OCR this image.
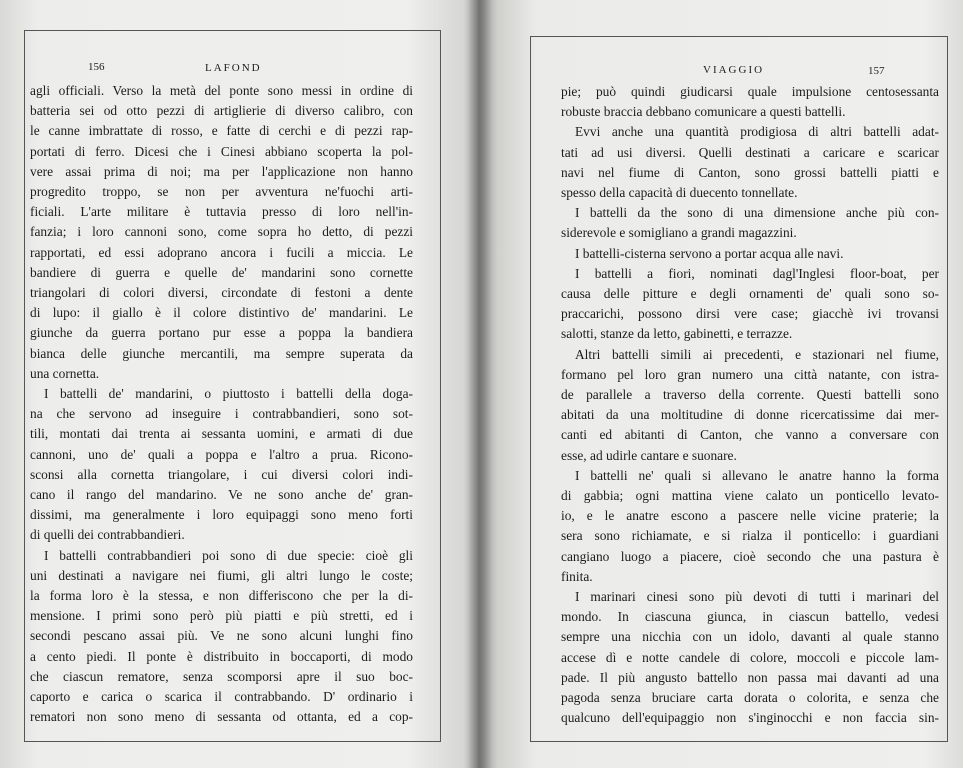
156	LAFOND
agli officiali. Verso la metà del ponte sono messi in ordine di
batteria sei od otto pezzi di artiglierie di diverso calibro, con
le canne imbrattate di rosso, e fatte di cerchi e di pezzi rap-
portati di ferro. Dicesi che i Cinesi abbiano scoperta la pol-
vere assai prima di noi; ma per l'applicazione non hanno
progredito troppo, se non per avventura ne'fuochi arti-
ficiali. L'arte militare è tuttavia presso di loro nell'in-
fanzia; i loro cannoni sono, come sopra ho detto, di pezzi
rapportati, ed essi adoprano ancora i fucili a miccia. Le
bandiere di guerra e quelle de' mandarini sono cornette
triangolari di colori diversi, circondate di festoni a dente
di lupo: il giallo è il colore distintivo de' mandarini. Le
giunche da guerra portano pur esse a poppa la bandiera
bianca delle giunche mercantili, ma sempre superata da
una cornetta.
I battelli de' mandarini, o piuttosto i battelli della doga-
na che servono ad inseguire i contrabbandieri, sono sot-
tili, montati dai trenta ai sessanta uomini, e armati di due
cannoni, uno de' quali a poppa e l'altro a prua. Ricono-
sconsi alla cornetta triangolare, i cui diversi colori indi-
cano il rango del mandarino. Ve ne sono anche de' gran-
dissimi, ma generalmente i loro equipaggi sono meno forti
di quelli dei contrabbandieri.
I battelli contrabbandieri poi sono di due specie: cioè gli
uni destinati a navigare nei fiumi, gli altri lungo le coste;
la forma loro è la stessa, e non differiscono che per la di-
mensione. I primi sono però più piatti e più stretti, ed i
secondi pescano assai più. Ve ne sono alcuni lunghi fino
a cento piedi. Il ponte è distribuito in boccaporti, di modo
che ciascun rematore, senza scomporsi apre il suo boc-
caporto e carica o scarica il contrabbando. D' ordinario i
rematori non sono meno di sessanta od ottanta, ed a cop-
VIAGGIO	157
pie; può quindi giudicarsi quale impulsione centosessanta
robuste braccia debbano comunicare a questi battelli.
Evvi anche una quantità prodigiosa di altri battelli adat-
tati ad usi diversi. Quelli destinati a caricare e scaricar
navi nel fiume di Canton, sono grossi battelli piatti e
spesso della capacità di duecento tonnellate.
I battelli da the sono di una dimensione anche più con-
siderevole e somigliano a grandi magazzini.
I battelli-cisterna servono a portar acqua alle navi.
I battelli a fiori, nominati dagl'Inglesi floor-boat, per
causa delle pitture e degli ornamenti de' quali sono so-
praccarichi, possono dirsi vere case; giacchè ivi trovansi
salotti, stanze da letto, gabinetti, e terrazze.
Altri battelli simili ai precedenti, e stazionari nel fiume,
formano pel loro gran numero una città natante, con istra-
de parallele a traverso della corrente. Questi battelli sono
abitati da una moltitudine di donne ricercatissime dai mer-
canti ed abitanti di Canton, che vanno a conversare con
esse, ad udirle cantare e suonare.
I battelli ne' quali si allevano le anatre hanno la forma
di gabbia; ogni mattina viene calato un ponticello levato-
io, e le anatre escono a pascere nelle vicine praterie; la
sera sono richiamate, e si rialza il ponticello: i guardiani
cangiano luogo a piacere, cioè secondo che una pastura è
finita.
I marinari cinesi sono più devoti di tutti i marinari del
mondo. In ciascuna giunca, in ciascun battello, vedesi
sempre una nicchia con un idolo, davanti al quale stanno
accese dì e notte candele di colore, moccoli e piccole lam-
pade. Il più angusto battello non passa mai davanti ad una
pagoda senza bruciare carta dorata o colorita, e senza che
qualcuno dell'equipaggio non s'inginocchi e non faccia sin-
